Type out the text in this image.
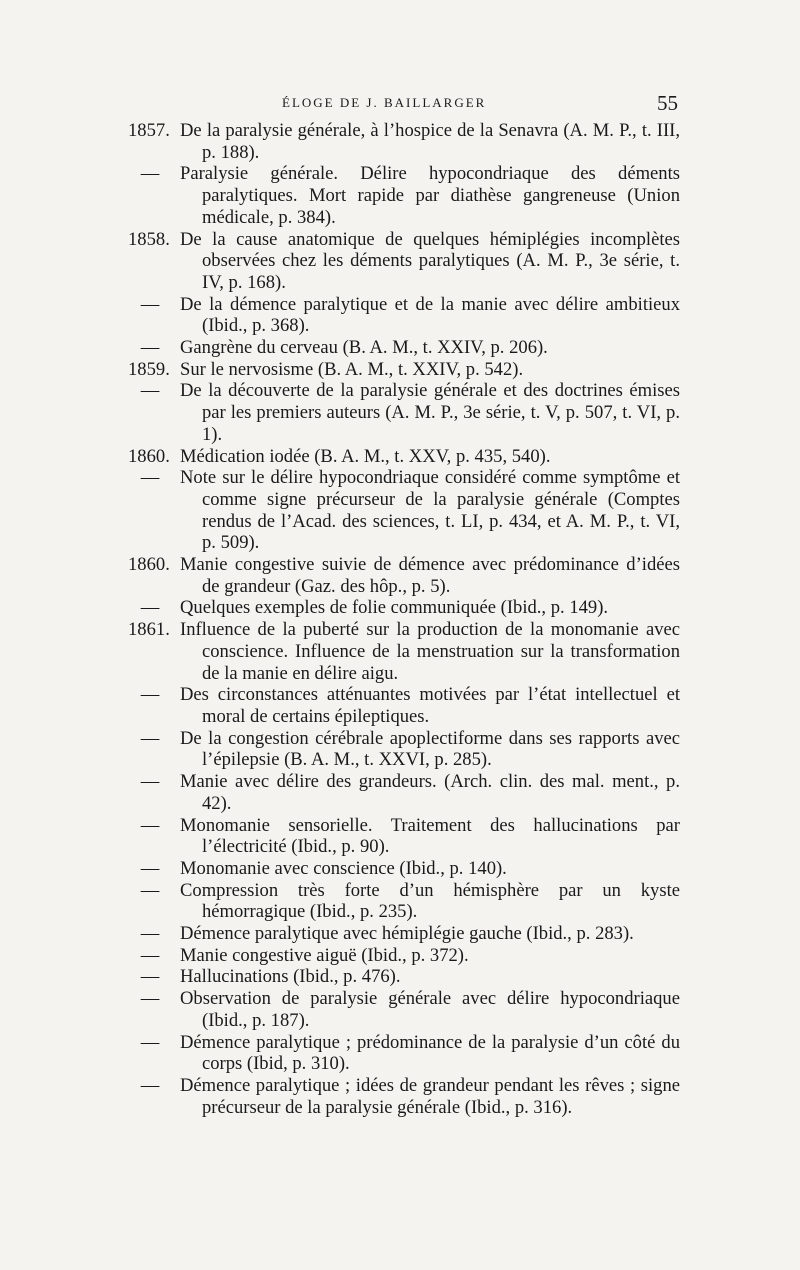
ÉLOGE DE J. BAILLARGER	55
1857. De la paralysie générale, à l’hospice de la Senavra (A. M. P., t. III, p. 188).
—	Paralysie générale. Délire hypocondriaque des déments paralytiques. Mort rapide par diathèse gangreneuse (Union médicale, p. 384).
1858. De la cause anatomique de quelques hémiplégies incomplètes observées chez les déments paralytiques (A. M. P., 3e série, t. IV, p. 168).
—	De la démence paralytique et de la manie avec délire ambitieux (Ibid., p. 368).
—	Gangrène du cerveau (B. A. M., t. XXIV, p. 206).
1859. Sur le nervosisme (B. A. M., t. XXIV, p. 542).
—	De la découverte de la paralysie générale et des doctrines émises par les premiers auteurs (A. M. P., 3e série, t. V, p. 507, t. VI, p. 1).
1860. Médication iodée (B. A. M., t. XXV, p. 435, 540).
—	Note sur le délire hypocondriaque considéré comme symptôme et comme signe précurseur de la paralysie générale (Comptes rendus de l’Acad. des sciences, t. LI, p. 434, et A. M. P., t. VI, p. 509).
1860. Manie congestive suivie de démence avec prédominance d’idées de grandeur (Gaz. des hôp., p. 5).
—	Quelques exemples de folie communiquée (Ibid., p. 149).
1861. Influence de la puberté sur la production de la monomanie avec conscience. Influence de la menstruation sur la transformation de la manie en délire aigu.
—	Des circonstances atténuantes motivées par l’état intellectuel et moral de certains épileptiques.
—	De la congestion cérébrale apoplectiforme dans ses rapports avec l’épilepsie (B. A. M., t. XXVI, p. 285).
—	Manie avec délire des grandeurs. (Arch. clin. des mal. ment., p. 42).
—	Monomanie sensorielle. Traitement des hallucinations par l’électricité (Ibid., p. 90).
—	Monomanie avec conscience (Ibid., p. 140).
—	Compression très forte d’un hémisphère par un kyste hémorragique (Ibid., p. 235).
—	Démence paralytique avec hémiplégie gauche (Ibid., p. 283).
—	Manie congestive aiguë (Ibid., p. 372).
—	Hallucinations (Ibid., p. 476).
—	Observation de paralysie générale avec délire hypocondriaque (Ibid., p. 187).
—	Démence paralytique ; prédominance de la paralysie d’un côté du corps (Ibid, p. 310).
—	Démence paralytique ; idées de grandeur pendant les rêves ; signe précurseur de la paralysie générale (Ibid., p. 316).
